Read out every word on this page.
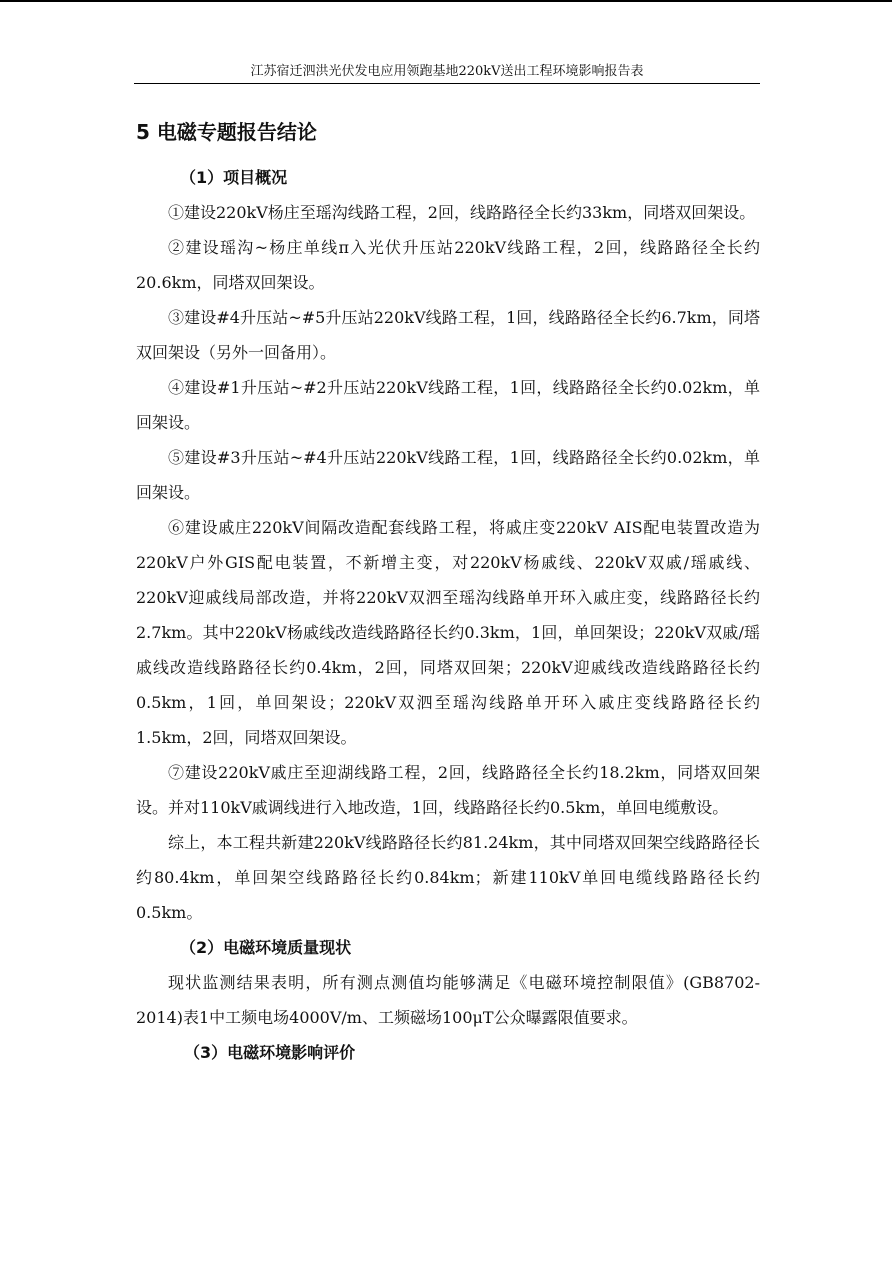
江苏宿迁泗洪光伏发电应用领跑基地220kV送出工程环境影响报告表
5 电磁专题报告结论
（1）项目概况

①建设220kV杨庄至瑶沟线路工程，2回，线路路径全长约33km，同塔双回架设。

②建设瑶沟~杨庄单线π入光伏升压站220kV线路工程，2回，线路路径全长约20.6km，同塔双回架设。

③建设#4升压站~#5升压站220kV线路工程，1回，线路路径全长约6.7km，同塔双回架设（另外一回备用）。

④建设#1升压站~#2升压站220kV线路工程，1回，线路路径全长约0.02km，单回架设。

⑤建设#3升压站~#4升压站220kV线路工程，1回，线路路径全长约0.02km，单回架设。

⑥建设戚庄220kV间隔改造配套线路工程，将戚庄变220kV AIS配电装置改造为220kV户外GIS配电装置，不新增主变，对220kV杨戚线、220kV双戚/瑶戚线、220kV迎戚线局部改造，并将220kV双泗至瑶沟线路单开环入戚庄变，线路路径长约2.7km。其中220kV杨戚线改造线路路径长约0.3km，1回，单回架设；220kV双戚/瑶戚线改造线路路径长约0.4km，2回，同塔双回架；220kV迎戚线改造线路路径长约0.5km，1回，单回架设；220kV双泗至瑶沟线路单开环入戚庄变线路路径长约1.5km，2回，同塔双回架设。

⑦建设220kV戚庄至迎湖线路工程，2回，线路路径全长约18.2km，同塔双回架设。并对110kV戚调线进行入地改造，1回，线路路径长约0.5km，单回电缆敷设。

综上，本工程共新建220kV线路路径长约81.24km，其中同塔双回架空线路路径长约80.4km，单回架空线路路径长约0.84km；新建110kV单回电缆线路路径长约0.5km。

（2）电磁环境质量现状

现状监测结果表明，所有测点测值均能够满足《电磁环境控制限值》(GB8702-2014)表1中工频电场4000V/m、工频磁场100μT公众曝露限值要求。

（3）电磁环境影响评价
